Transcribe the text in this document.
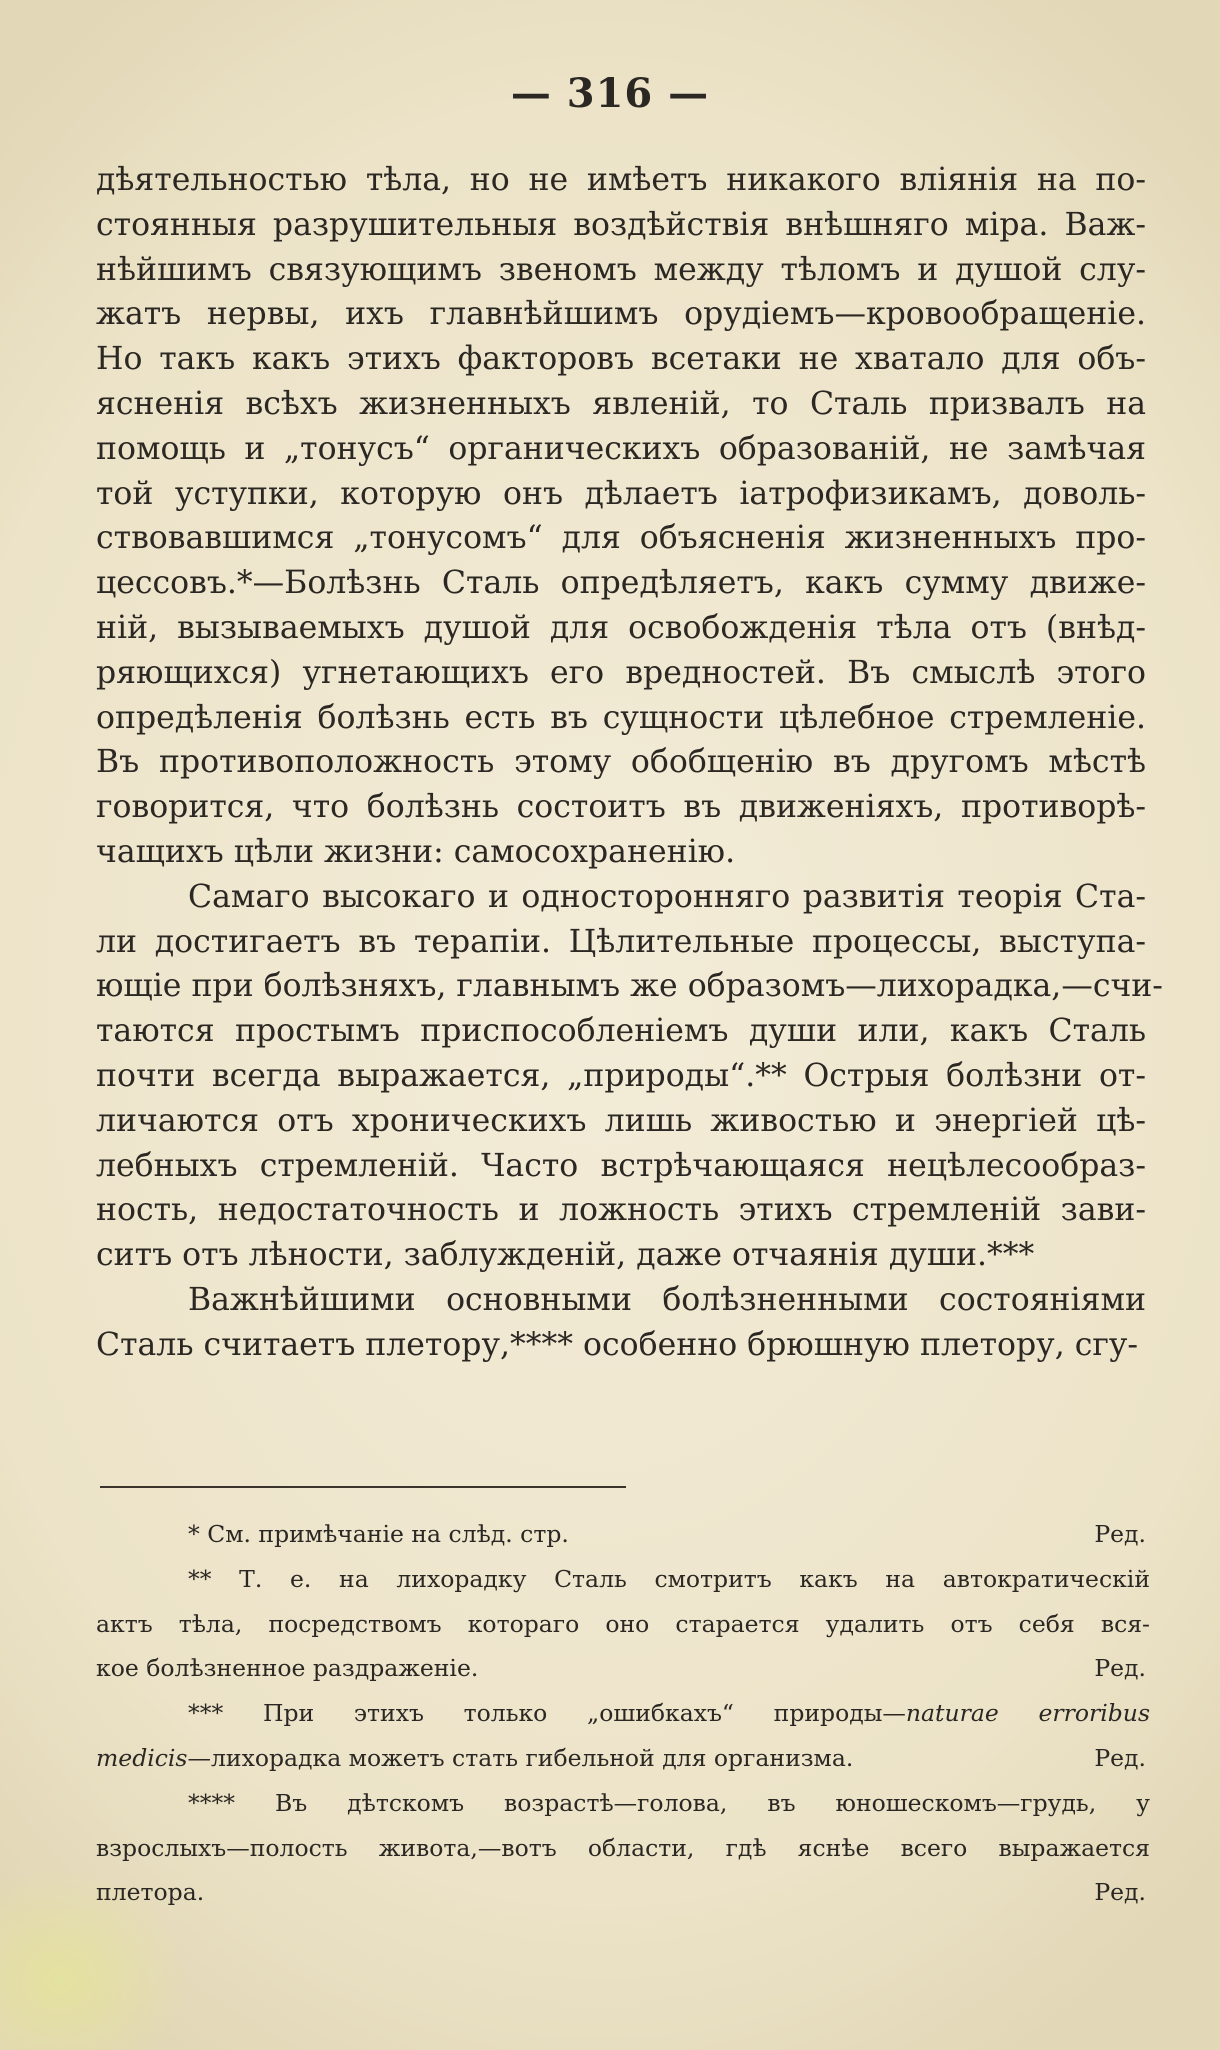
— 316 —

дѣятельностью тѣла, но не имѣетъ никакого вліянія на по-
стоянныя разрушительныя воздѣйствія внѣшняго міра. Важ-
нѣйшимъ связующимъ звеномъ между тѣломъ и душой слу-
жатъ нервы, ихъ главнѣйшимъ орудіемъ—кровообращеніе.
Но такъ какъ этихъ факторовъ всетаки не хватало для объ-
ясненія всѣхъ жизненныхъ явленій, то Сталь призвалъ на
помощь и „тонусъ“ органическихъ образованій, не замѣчая
той уступки, которую онъ дѣлаетъ іатрофизикамъ, доволь-
ствовавшимся „тонусомъ“ для объясненія жизненныхъ про-
цессовъ.*—Болѣзнь Сталь опредѣляетъ, какъ сумму движе-
ній, вызываемыхъ душой для освобожденія тѣла отъ (внѣд-
ряющихся) угнетающихъ его вредностей. Въ смыслѣ этого
опредѣленія болѣзнь есть въ сущности цѣлебное стремленіе.
Въ противоположность этому обобщенію въ другомъ мѣстѣ
говорится, что болѣзнь состоитъ въ движеніяхъ, противорѣ-
чащихъ цѣли жизни: самосохраненію.

Самаго высокаго и односторонняго развитія теорія Ста-
ли достигаетъ въ терапіи. Цѣлительные процессы, выступа-
ющіе при болѣзняхъ, главнымъ же образомъ—лихорадка,—счи-
таются простымъ приспособленіемъ души или, какъ Сталь
почти всегда выражается, „природы“.** Острыя болѣзни от-
личаются отъ хроническихъ лишь живостью и энергіей цѣ-
лебныхъ стремленій. Часто встрѣчающаяся нецѣлесообраз-
ность, недостаточность и ложность этихъ стремленій зави-
ситъ отъ лѣности, заблужденій, даже отчаянія души.***

Важнѣйшими основными болѣзненными состояніями
Сталь считаетъ плетору,**** особенно брюшную плетору, сгу-

* См. примѣчаніе на слѣд. стр.	Ред.
** Т. е. на лихорадку Сталь смотритъ какъ на автократическій
актъ тѣла, посредствомъ котораго оно старается удалить отъ себя вся-
кое болѣзненное раздраженіе.	Ред.
*** При этихъ только „ошибкахъ“ природы—naturae erroribus
medicis—лихорадка можетъ стать гибельной для организма.	Ред.
**** Въ дѣтскомъ возрастѣ—голова, въ юношескомъ—грудь, у
взрослыхъ—полость живота,—вотъ области, гдѣ яснѣе всего выражается
плетора.	Ред.
